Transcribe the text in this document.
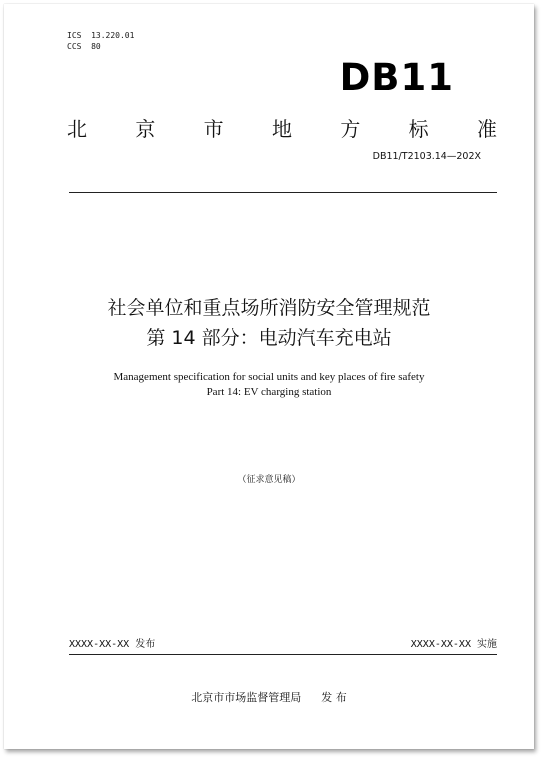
ICS  13.220.01
CCS  80
DB11
北 京 市 地 方 标 准
DB11/T2103.14—202X
社会单位和重点场所消防安全管理规范
第 14 部分：电动汽车充电站
Management specification for social units and key places of fire safety
Part 14: EV charging station
（征求意见稿）
XXXX-XX-XX 发布	XXXX-XX-XX 实施
北京市市场监督管理局 发 布
